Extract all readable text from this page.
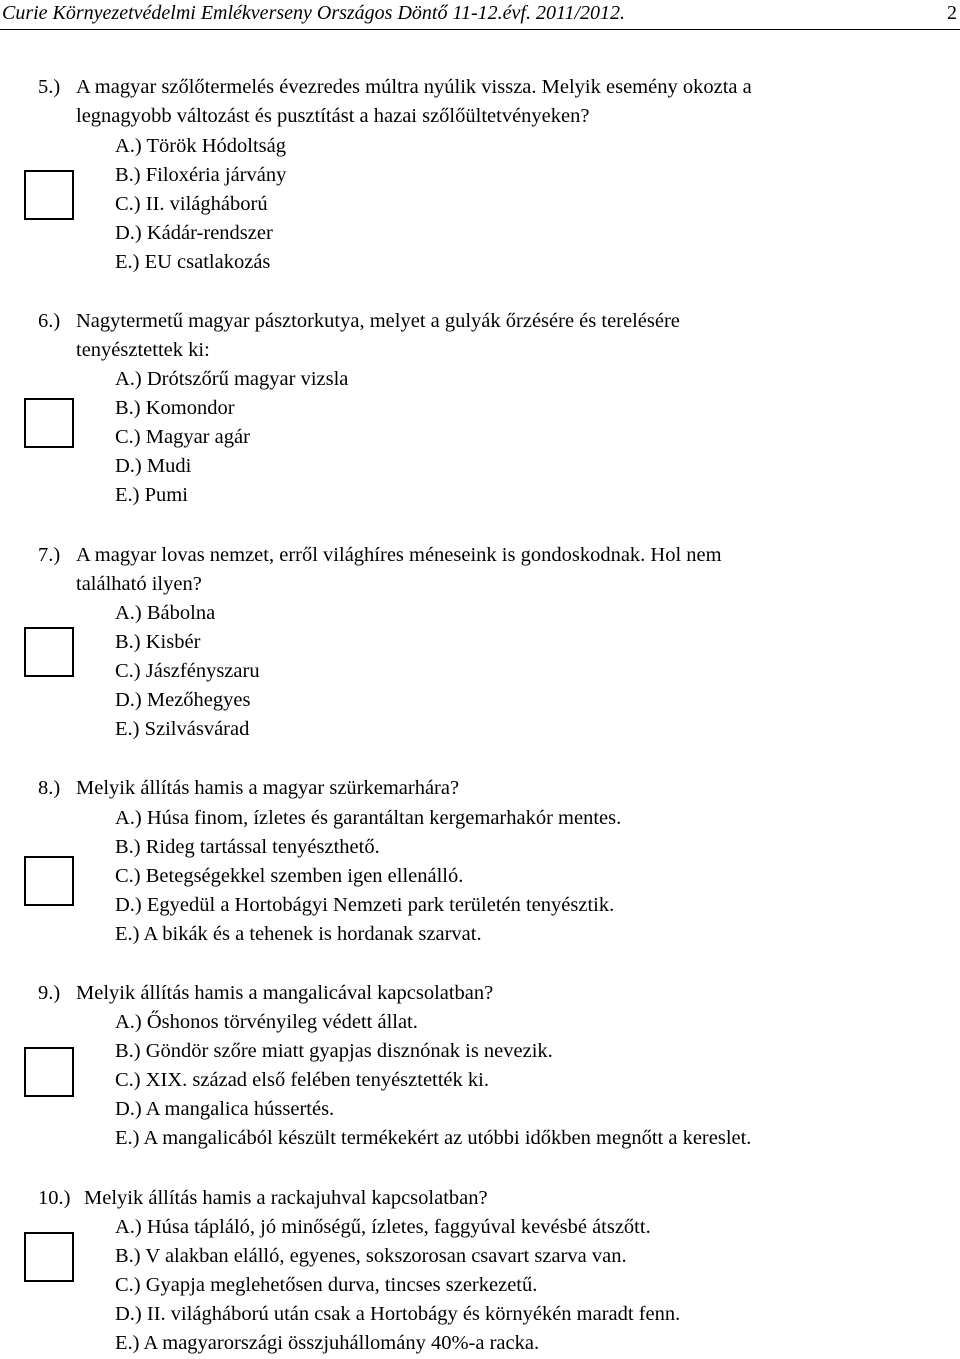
Curie Környezetvédelmi Emlékverseny Országos Döntő 11-12.évf. 2011/2012.	2
5.) A magyar szőlőtermelés évezredes múltra nyúlik vissza. Melyik esemény okozta a
legnagyobb változást és pusztítást a hazai szőlőültetvényeken?
A.) Török Hódoltság
B.) Filoxéria járvány
C.) II. világháború
D.) Kádár-rendszer
E.) EU csatlakozás
6.) Nagytermetű magyar pásztorkutya, melyet a gulyák őrzésére és terelésére
tenyésztettek ki:
A.) Drótszőrű magyar vizsla
B.) Komondor
C.) Magyar agár
D.) Mudi
E.) Pumi
7.) A magyar lovas nemzet, erről világhíres méneseink is gondoskodnak. Hol nem
található ilyen?
A.) Bábolna
B.) Kisbér
C.) Jászfényszaru
D.) Mezőhegyes
E.) Szilvásvárad
8.) Melyik állítás hamis a magyar szürkemarhára?
A.) Húsa finom, ízletes és garantáltan kergemarhakór mentes.
B.) Rideg tartással tenyészthető.
C.) Betegségekkel szemben igen ellenálló.
D.) Egyedül a Hortobágyi Nemzeti park területén tenyésztik.
E.) A bikák és a tehenek is hordanak szarvat.
9.) Melyik állítás hamis a mangalicával kapcsolatban?
A.) Őshonos törvényileg védett állat.
B.) Göndör szőre miatt gyapjas disznónak is nevezik.
C.) XIX. század első felében tenyésztették ki.
D.) A mangalica hússertés.
E.) A mangalicából készült termékekért az utóbbi időkben megnőtt a kereslet.
10.) Melyik állítás hamis a rackajuhval kapcsolatban?
A.) Húsa tápláló, jó minőségű, ízletes, faggyúval kevésbé átszőtt.
B.) V alakban elálló, egyenes, sokszorosan csavart szarva van.
C.) Gyapja meglehetősen durva, tincses szerkezetű.
D.) II. világháború után csak a Hortobágy és környékén maradt fenn.
E.) A magyarországi összjuhállomány 40%-a racka.
